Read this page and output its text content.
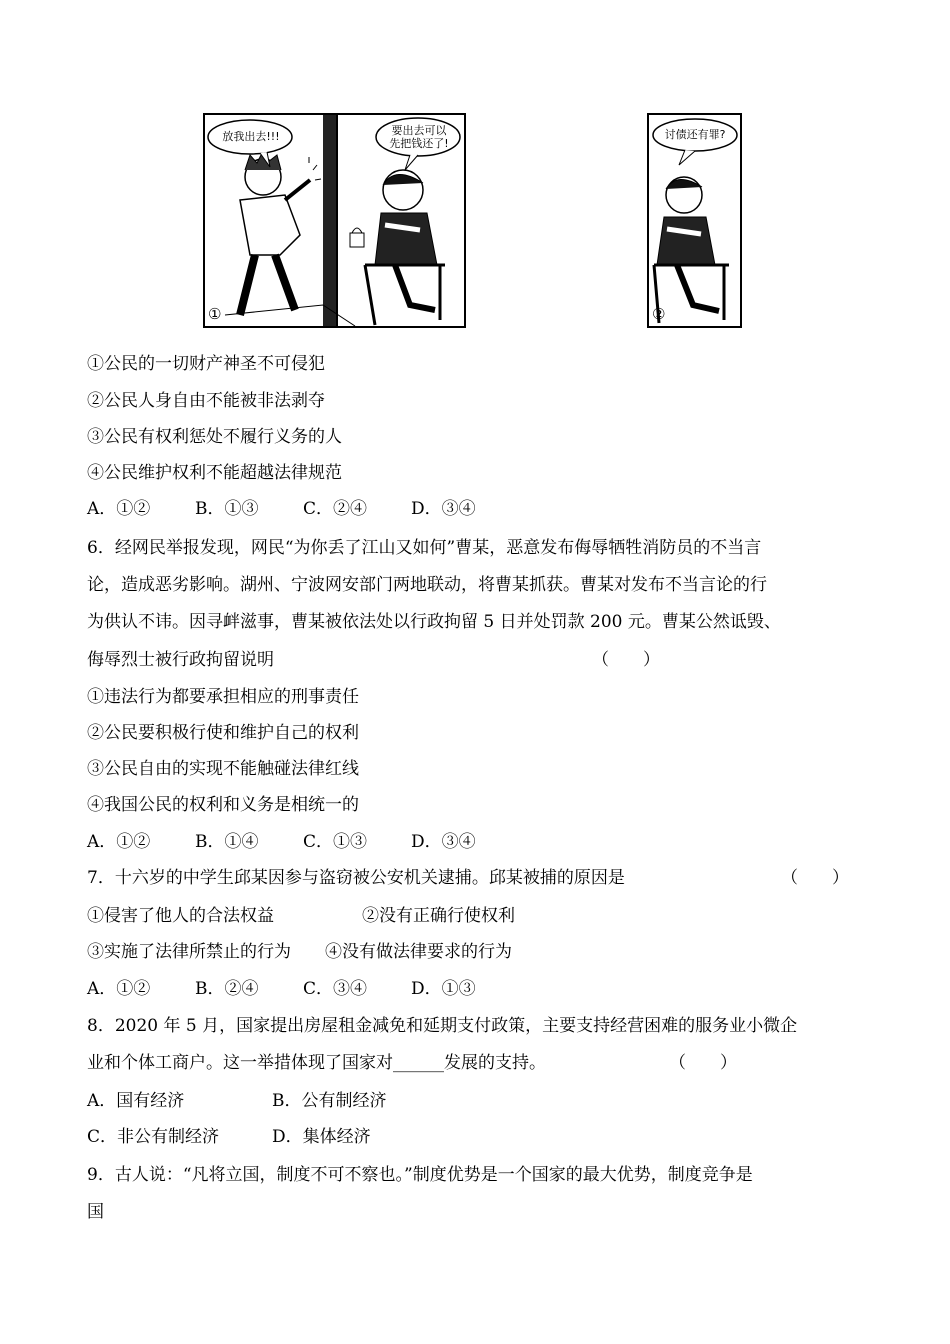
放我出去!!!	要出去可以
先把钱还了!
①
讨债还有罪?
②
①公民的一切财产神圣不可侵犯
②公民人身自由不能被非法剥夺
③公民有权利惩处不履行义务的人
④公民维护权利不能超越法律规范
A．①②	B．①③	C．②④	D．③④
6．经网民举报发现，网民“为你丢了江山又如何”曹某，恶意发布侮辱牺牲消防员的不当言
论，造成恶劣影响。湖州、宁波网安部门两地联动，将曹某抓获。曹某对发布不当言论的行
为供认不讳。因寻衅滋事，曹某被依法处以行政拘留 5 日并处罚款 200 元。曹某公然诋毁、
侮辱烈士被行政拘留说明	（　　）
①违法行为都要承担相应的刑事责任
②公民要积极行使和维护自己的权利
③公民自由的实现不能触碰法律红线
④我国公民的权利和义务是相统一的
A．①②	B．①④	C．①③	D．③④
7．十六岁的中学生邱某因参与盗窃被公安机关逮捕。邱某被捕的原因是	（　　）
①侵害了他人的合法权益	②没有正确行使权利
③实施了法律所禁止的行为 ④没有做法律要求的行为
A．①②	B．②④	C．③④	D．①③
8．2020 年 5 月，国家提出房屋租金减免和延期支付政策，主要支持经营困难的服务业小微企
业和个体工商户。这一举措体现了国家对______发展的支持。	（　　）
A．国有经济	B．公有制经济
C．非公有制经济	D．集体经济
9．古人说：“凡将立国，制度不可不察也。”制度优势是一个国家的最大优势，制度竞争是
国
